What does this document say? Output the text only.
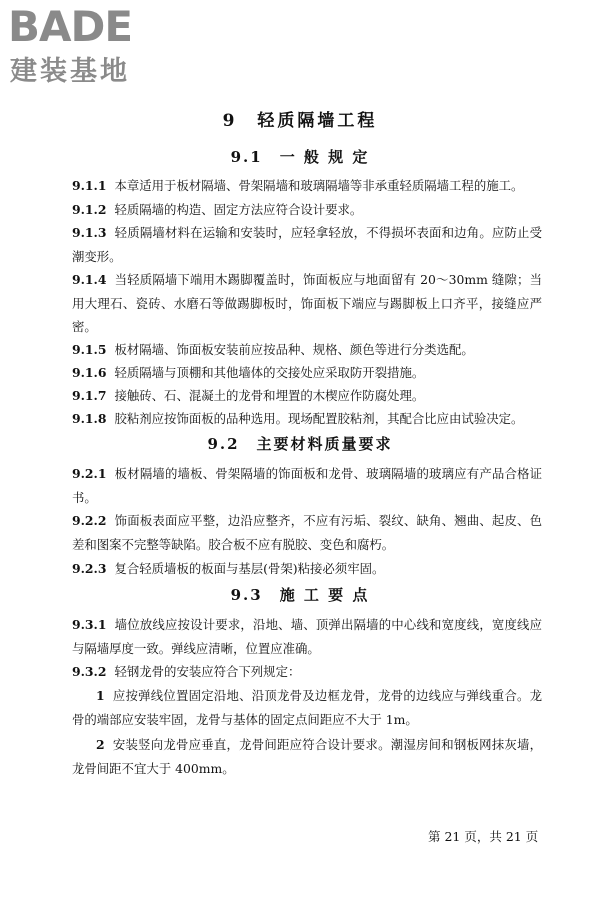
BADE
建装基地
9　轻质隔墙工程
9.1　一 般 规 定
9.1.1 本章适用于板材隔墙、骨架隔墙和玻璃隔墙等非承重轻质隔墙工程的施工。
9.1.2 轻质隔墙的构造、固定方法应符合设计要求。
9.1.3 轻质隔墙材料在运输和安装时，应轻拿轻放，不得损坏表面和边角。应防止受潮变形。
9.1.4 当轻质隔墙下端用木踢脚覆盖时，饰面板应与地面留有 20～30mm 缝隙；当用大理石、瓷砖、水磨石等做踢脚板时，饰面板下端应与踢脚板上口齐平，接缝应严密。
9.1.5 板材隔墙、饰面板安装前应按品种、规格、颜色等进行分类选配。
9.1.6 轻质隔墙与顶棚和其他墙体的交接处应采取防开裂措施。
9.1.7 接触砖、石、混凝土的龙骨和埋置的木楔应作防腐处理。
9.1.8 胶粘剂应按饰面板的品种选用。现场配置胶粘剂，其配合比应由试验决定。
9.2　主要材料质量要求
9.2.1 板材隔墙的墙板、骨架隔墙的饰面板和龙骨、玻璃隔墙的玻璃应有产品合格证书。
9.2.2 饰面板表面应平整，边沿应整齐，不应有污垢、裂纹、缺角、翘曲、起皮、色差和图案不完整等缺陷。胶合板不应有脱胶、变色和腐朽。
9.2.3 复合轻质墙板的板面与基层(骨架)粘接必须牢固。
9.3　施 工 要 点
9.3.1 墙位放线应按设计要求，沿地、墙、顶弹出隔墙的中心线和宽度线，宽度线应与隔墙厚度一致。弹线应清晰，位置应准确。
9.3.2 轻钢龙骨的安装应符合下列规定：
1 应按弹线位置固定沿地、沿顶龙骨及边框龙骨，龙骨的边线应与弹线重合。龙骨的端部应安装牢固，龙骨与基体的固定点间距应不大于 1m。
2 安装竖向龙骨应垂直，龙骨间距应符合设计要求。潮湿房间和钢板网抹灰墙，龙骨间距不宜大于 400mm。
第 21 页，共 21 页
